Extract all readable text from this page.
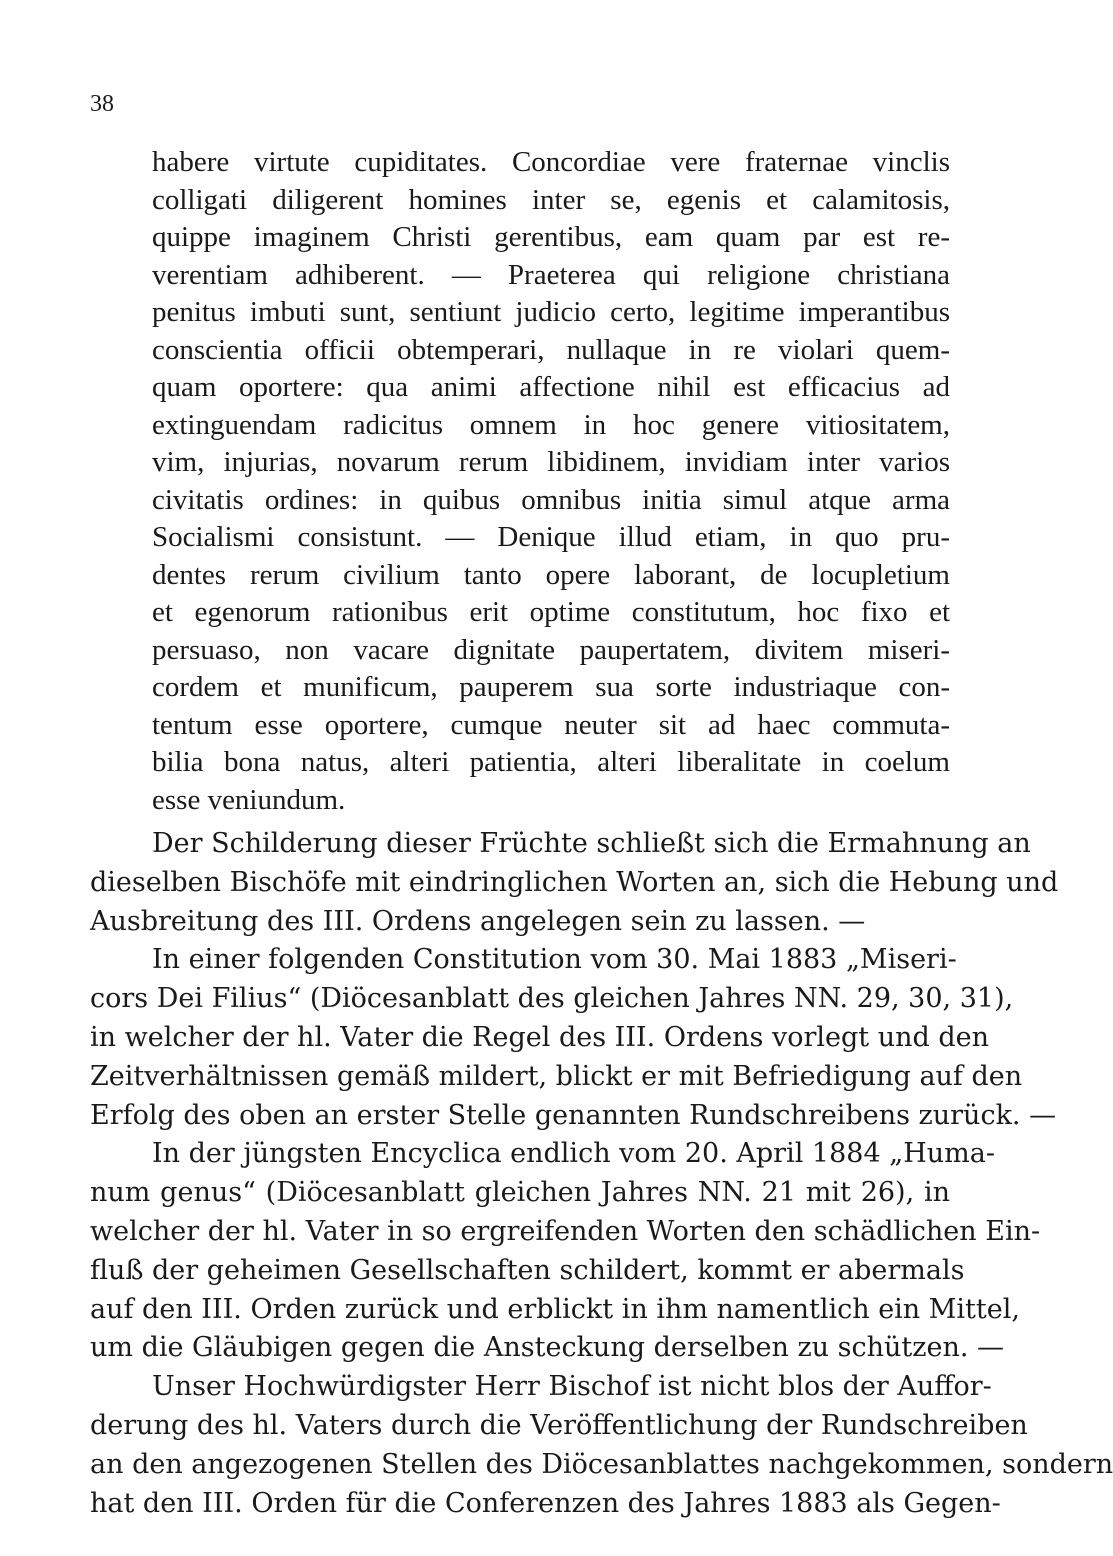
38
habere virtute cupiditates. Concordiae vere fraternae vinclis
colligati diligerent homines inter se, egenis et calamitosis,
quippe imaginem Christi gerentibus, eam quam par est re-
verentiam adhiberent. — Praeterea qui religione christiana
penitus imbuti sunt, sentiunt judicio certo, legitime imperantibus
conscientia officii obtemperari, nullaque in re violari quem-
quam oportere: qua animi affectione nihil est efficacius ad
extinguendam radicitus omnem in hoc genere vitiositatem,
vim, injurias, novarum rerum libidinem, invidiam inter varios
civitatis ordines: in quibus omnibus initia simul atque arma
Socialismi consistunt. — Denique illud etiam, in quo pru-
dentes rerum civilium tanto opere laborant, de locupletium
et egenorum rationibus erit optime constitutum, hoc fixo et
persuaso, non vacare dignitate paupertatem, divitem miseri-
cordem et munificum, pauperem sua sorte industriaque con-
tentum esse oportere, cumque neuter sit ad haec commuta-
bilia bona natus, alteri patientia, alteri liberalitate in coelum
esse veniundum.
Der Schilderung dieser Früchte schließt sich die Ermahnung an
dieselben Bischöfe mit eindringlichen Worten an, sich die Hebung und
Ausbreitung des III. Ordens angelegen sein zu lassen. —
In einer folgenden Constitution vom 30. Mai 1883 „Miseri-
cors Dei Filius“ (Diöcesanblatt des gleichen Jahres NN. 29, 30, 31),
in welcher der hl. Vater die Regel des III. Ordens vorlegt und den
Zeitverhältnissen gemäß mildert, blickt er mit Befriedigung auf den
Erfolg des oben an erster Stelle genannten Rundschreibens zurück. —
In der jüngsten Encyclica endlich vom 20. April 1884 „Huma-
num genus“ (Diöcesanblatt gleichen Jahres NN. 21 mit 26), in
welcher der hl. Vater in so ergreifenden Worten den schädlichen Ein-
fluß der geheimen Gesellschaften schildert, kommt er abermals
auf den III. Orden zurück und erblickt in ihm namentlich ein Mittel,
um die Gläubigen gegen die Ansteckung derselben zu schützen. —
Unser Hochwürdigster Herr Bischof ist nicht blos der Auffor-
derung des hl. Vaters durch die Veröffentlichung der Rundschreiben
an den angezogenen Stellen des Diöcesanblattes nachgekommen, sondern
hat den III. Orden für die Conferenzen des Jahres 1883 als Gegen-
